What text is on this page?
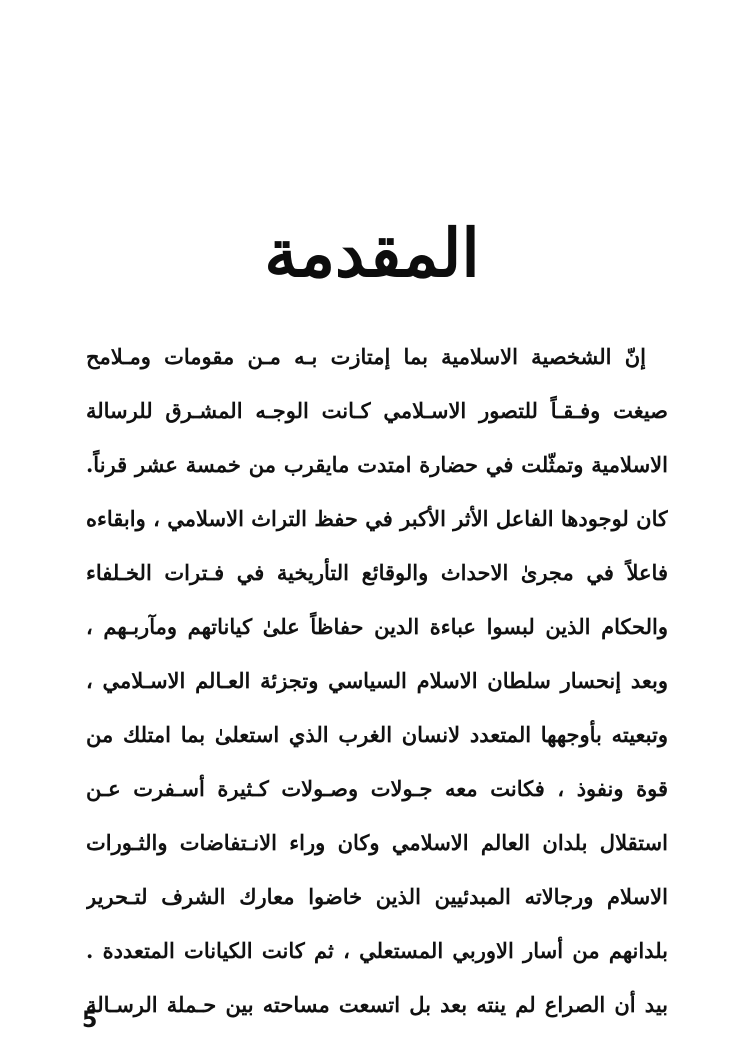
المقدمة
إنّ الشخصية الاسلامية بما إمتازت بـه مـن مقومات ومـلامح
صيغت وفـقـاً للتصور الاسـلامي كـانت الوجـه المشـرق للرسالة
الاسلامية وتمثّلت في حضارة امتدت مايقرب من خمسة عشر قرناً.
كان لوجودها الفاعل الأثر الأكبر في حفظ التراث الاسلامي ، وابقاءه
فاعلاً في مجرىٰ الاحداث والوقائع التأريخية في فـترات الخـلفاء
والحكام الذين لبسوا عباءة الدين حفاظاً علىٰ كياناتهم ومآربـهم ،
وبعد إنحسار سلطان الاسلام السياسي وتجزئة العـالم الاسـلامي ،
وتبعيته بأوجهها المتعدد لانسان الغرب الذي استعلىٰ بما امتلك من
قوة ونفوذ ، فكانت معه جـولات وصـولات كـثيرة أسـفرت عـن
استقلال بلدان العالم الاسلامي وكان وراء الانـتفاضات والثـورات
الاسلام ورجالاته المبدئيين الذين خاضوا معارك الشرف لتـحرير
بلدانهم من أسار الاوربي المستعلي ، ثم كانت الكيانات المتعددة .
بيد أن الصراع لم ينته بعد بل اتسعت مساحته بين حـملة الرسـالة
5
